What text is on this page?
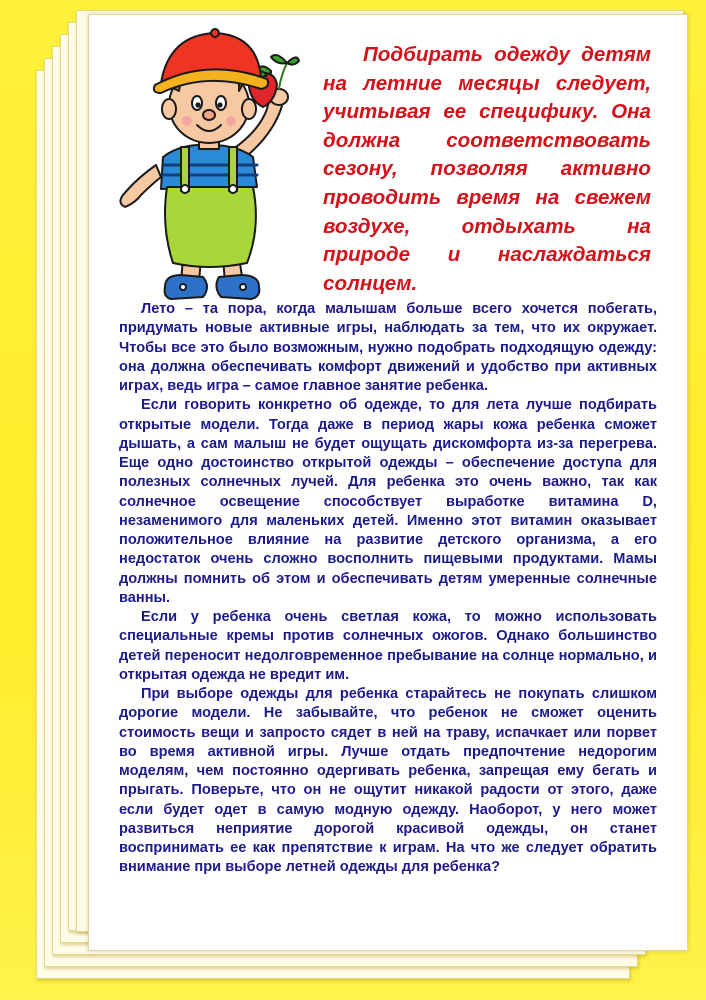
Подбирать одежду детям на летние месяцы следует, учитывая ее специфику. Она должна соответствовать сезону, позволяя активно проводить время на свежем воздухе, отдыхать на природе и наслаждаться солнцем.

Лето – та пора, когда малышам больше всего хочется побегать, придумать новые активные игры, наблюдать за тем, что их окружает. Чтобы все это было возможным, нужно подобрать подходящую одежду: она должна обеспечивать комфорт движений и удобство при активных играх, ведь игра – самое главное занятие ребенка.

Если говорить конкретно об одежде, то для лета лучше подбирать открытые модели. Тогда даже в период жары кожа ребенка сможет дышать, а сам малыш не будет ощущать дискомфорта из-за перегрева. Еще одно достоинство открытой одежды – обеспечение доступа для полезных солнечных лучей. Для ребенка это очень важно, так как солнечное освещение способствует выработке витамина D, незаменимого для маленьких детей. Именно этот витамин оказывает положительное влияние на развитие детского организма, а его недостаток очень сложно восполнить пищевыми продуктами. Мамы должны помнить об этом и обеспечивать детям умеренные солнечные ванны.

Если у ребенка очень светлая кожа, то можно использовать специальные кремы против солнечных ожогов. Однако большинство детей переносит недолговременное пребывание на солнце нормально, и открытая одежда не вредит им.

При выборе одежды для ребенка старайтесь не покупать слишком дорогие модели. Не забывайте, что ребенок не сможет оценить стоимость вещи и запросто сядет в ней на траву, испачкает или порвет во время активной игры. Лучше отдать предпочтение недорогим моделям, чем постоянно одергивать ребенка, запрещая ему бегать и прыгать. Поверьте, что он не ощутит никакой радости от этого, даже если будет одет в самую модную одежду. Наоборот, у него может развиться неприятие дорогой красивой одежды, он станет воспринимать ее как препятствие к играм. На что же следует обратить внимание при выборе летней одежды для ребенка?
